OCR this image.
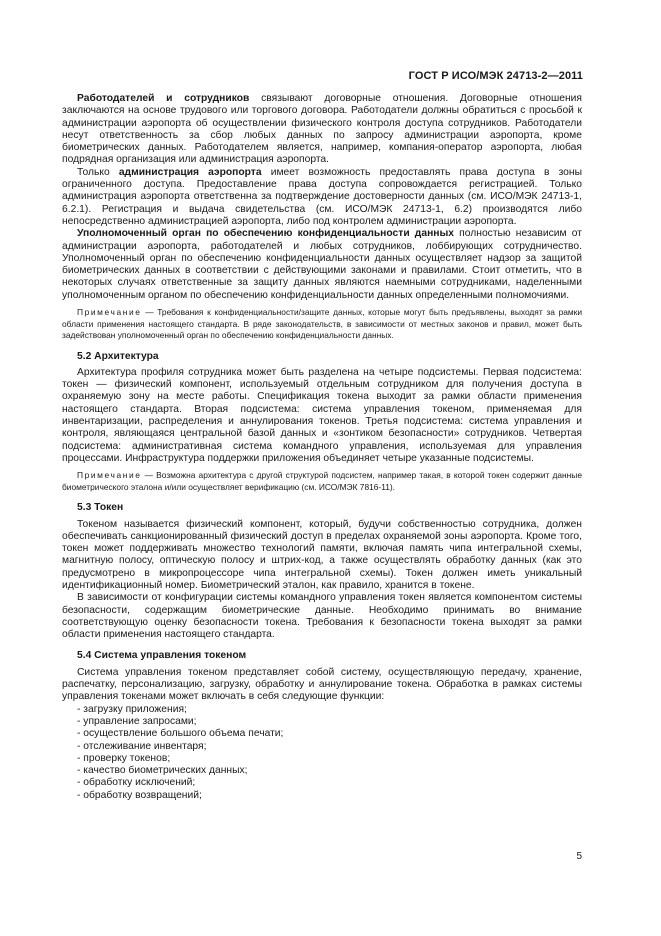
ГОСТ Р ИСО/МЭК 24713-2—2011

Работодателей и сотрудников связывают договорные отношения. Договорные отношения заключаются на основе трудового или торгового договора. Работодатели должны обратиться с просьбой к администрации аэропорта об осуществлении физического контроля доступа сотрудников. Работодатели несут ответственность за сбор любых данных по запросу администрации аэропорта, кроме биометрических данных. Работодателем является, например, компания-оператор аэропорта, любая подрядная организация или администрация аэропорта.

Только администрация аэропорта имеет возможность предоставлять права доступа в зоны ограниченного доступа. Предоставление права доступа сопровождается регистрацией. Только администрация аэропорта ответственна за подтверждение достоверности данных (см. ИСО/МЭК 24713-1, 6.2.1). Регистрация и выдача свидетельства (см. ИСО/МЭК 24713-1, 6.2) производятся либо непосредственно администрацией аэропорта, либо под контролем администрации аэропорта.

Уполномоченный орган по обеспечению конфиденциальности данных полностью независим от администрации аэропорта, работодателей и любых сотрудников, лоббирующих сотрудничество. Уполномоченный орган по обеспечению конфиденциальности данных осуществляет надзор за защитой биометрических данных в соответствии с действующими законами и правилами. Стоит отметить, что в некоторых случаях ответственные за защиту данных являются наемными сотрудниками, наделенными уполномоченным органом по обеспечению конфиденциальности данных определенными полномочиями.

Примечание — Требования к конфиденциальности/защите данных, которые могут быть предъявлены, выходят за рамки области применения настоящего стандарта. В ряде законодательств, в зависимости от местных законов и правил, может быть задействован уполномоченный орган по обеспечению конфиденциальности данных.
5.2 Архитектура

Архитектура профиля сотрудника может быть разделена на четыре подсистемы. Первая подсистема: токен — физический компонент, используемый отдельным сотрудником для получения доступа в охраняемую зону на месте работы. Спецификация токена выходит за рамки области применения настоящего стандарта. Вторая подсистема: система управления токеном, применяемая для инвентаризации, распределения и аннулирования токенов. Третья подсистема: система управления и контроля, являющаяся центральной базой данных и «зонтиком безопасности» сотрудников. Четвертая подсистема: административная система командного управления, используемая для управления процессами. Инфраструктура поддержки приложения объединяет четыре указанные подсистемы.

Примечание — Возможна архитектура с другой структурой подсистем, например такая, в которой токен содержит данные биометрического эталона и/или осуществляет верификацию (см. ИСО/МЭК 7816-11).
5.3 Токен

Токеном называется физический компонент, который, будучи собственностью сотрудника, должен обеспечивать санкционированный физический доступ в пределах охраняемой зоны аэропорта. Кроме того, токен может поддерживать множество технологий памяти, включая память чипа интегральной схемы, магнитную полосу, оптическую полосу и штрих-код, а также осуществлять обработку данных (как это предусмотрено в микропроцессоре чипа интегральной схемы). Токен должен иметь уникальный идентификационный номер. Биометрический эталон, как правило, хранится в токене.

В зависимости от конфигурации системы командного управления токен является компонентом системы безопасности, содержащим биометрические данные. Необходимо принимать во внимание соответствующую оценку безопасности токена. Требования к безопасности токена выходят за рамки области применения настоящего стандарта.

5.4 Система управления токеном

Система управления токеном представляет собой систему, осуществляющую передачу, хранение, распечатку, персонализацию, загрузку, обработку и аннулирование токена. Обработка в рамках системы управления токенами может включать в себя следующие функции:

- загрузку приложения;
- управление запросами;
- осуществление большого объема печати;
- отслеживание инвентаря;
- проверку токенов;
- качество биометрических данных;
- обработку исключений;
- обработку возвращений;
5
